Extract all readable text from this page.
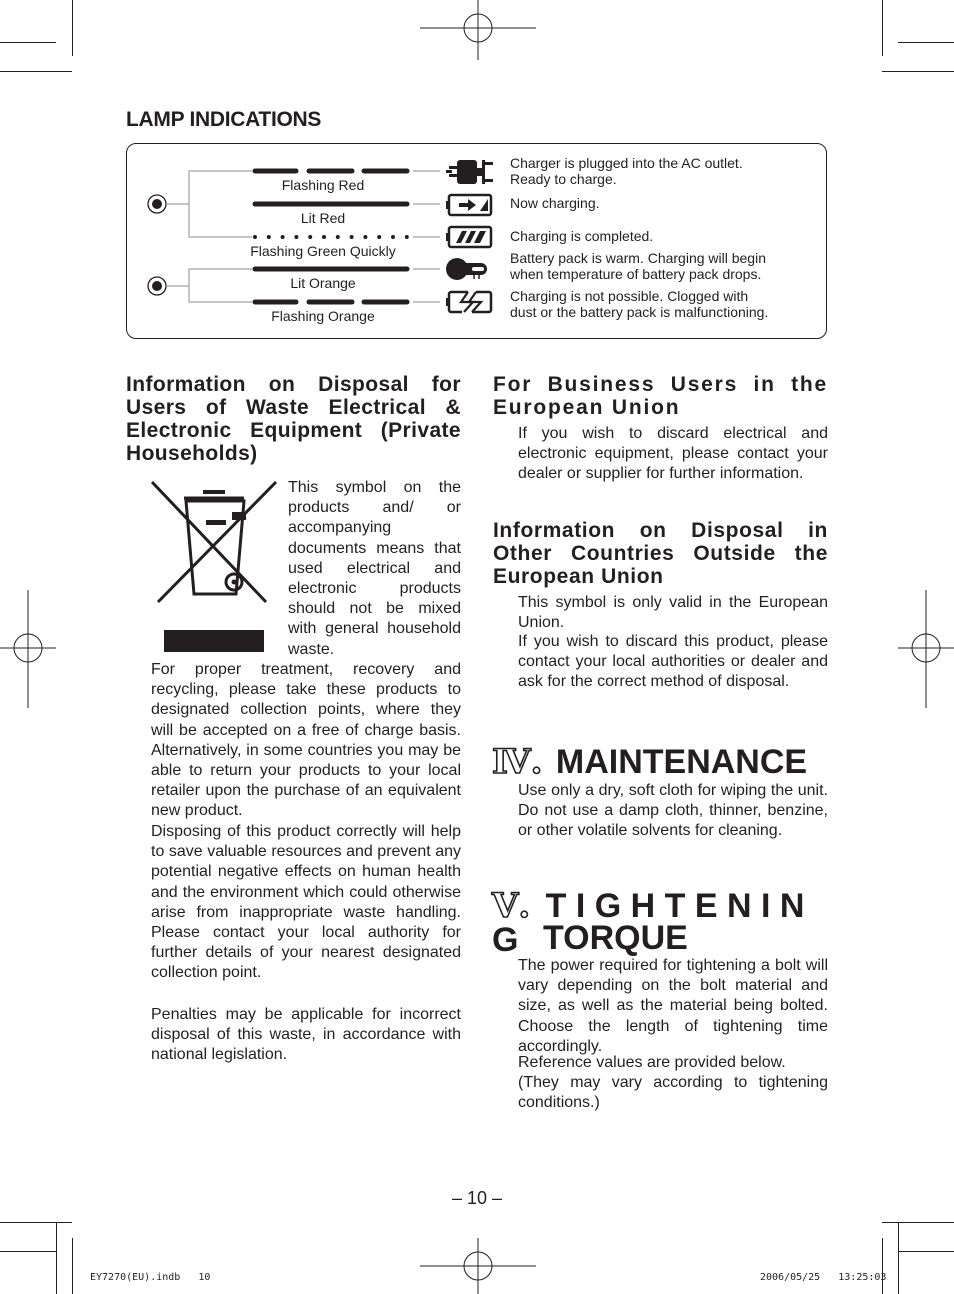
LAMP INDICATIONS
Flashing Red
Lit Red
Flashing Green Quickly
Lit Orange
Flashing Orange
Charger is plugged into the AC outlet.
Ready to charge.
Now charging.
Charging is completed.
Battery pack is warm. Charging will begin
when temperature of battery pack drops.
Charging is not possible. Clogged with
dust or the battery pack is malfunctioning.
Information on Disposal for Users of Waste Electrical & Electronic Equipment (Private Households)

This symbol on the products and/ or accompanying documents means that used electrical and electronic products should not be mixed with general household waste.

For proper treatment, recovery and recycling, please take these products to designated collection points, where they will be accepted on a free of charge basis. Alternatively, in some countries you may be able to return your products to your local retailer upon the purchase of an equivalent new product.

Disposing of this product correctly will help to save valuable resources and prevent any potential negative effects on human health and the environment which could otherwise arise from inappropriate waste handling. Please contact your local authority for further details of your nearest designated collection point.

Penalties may be applicable for incorrect disposal of this waste, in accordance with national legislation.

For Business Users in the European Union

If you wish to discard electrical and electronic equipment, please contact your dealer or supplier for further information.

Information on Disposal in Other Countries Outside the European Union

This symbol is only valid in the European Union.

If you wish to discard this product, please contact your local authorities or dealer and ask for the correct method of disposal.

Ⅳ. MAINTENANCE

Use only a dry, soft cloth for wiping the unit. Do not use a damp cloth, thinner, benzine, or other volatile solvents for cleaning.

Ⅴ. T I G H T E N I N G TORQUE

The power required for tightening a bolt will vary depending on the bolt material and size, as well as the material being bolted. Choose the length of tightening time accordingly.

Reference values are provided below.

(They may vary according to tightening conditions.)

– 10 –
EY7270(EU).indb   10	2006/05/25   13:25:03
